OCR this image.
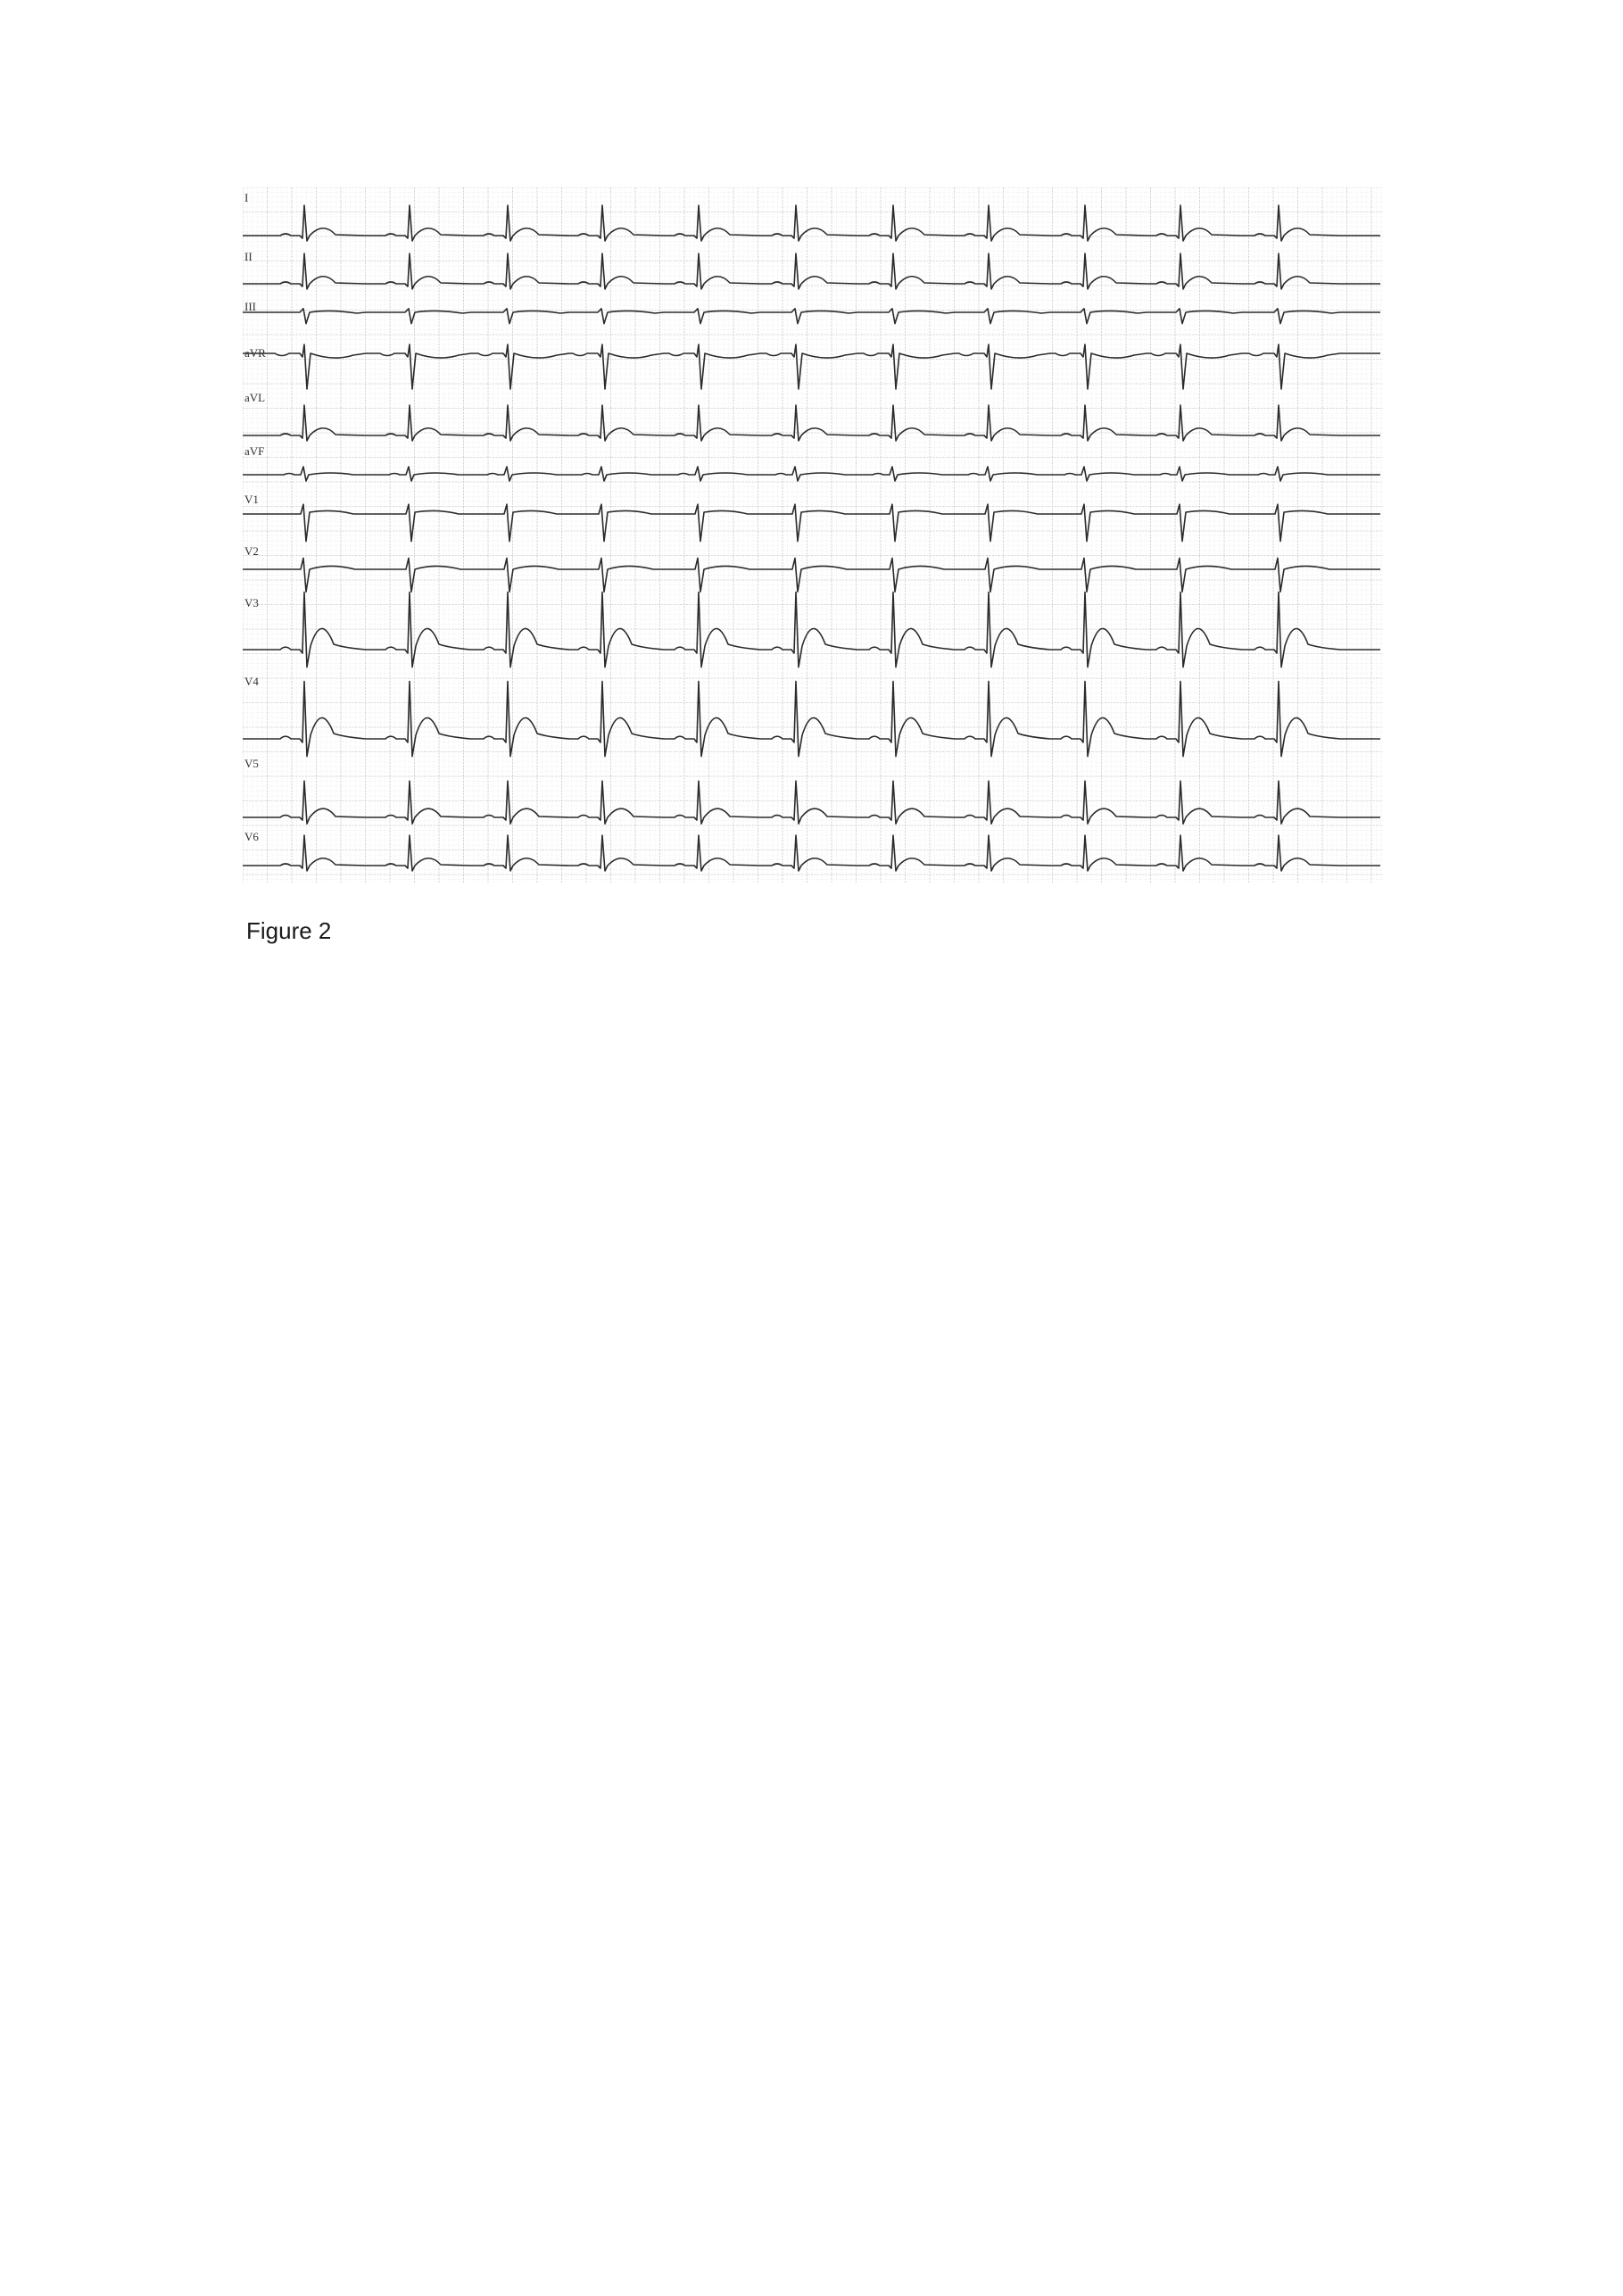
I
II
III
aVR
aVL
aVF
V1
V2
V3
V4
V5
V6

Figure 2
